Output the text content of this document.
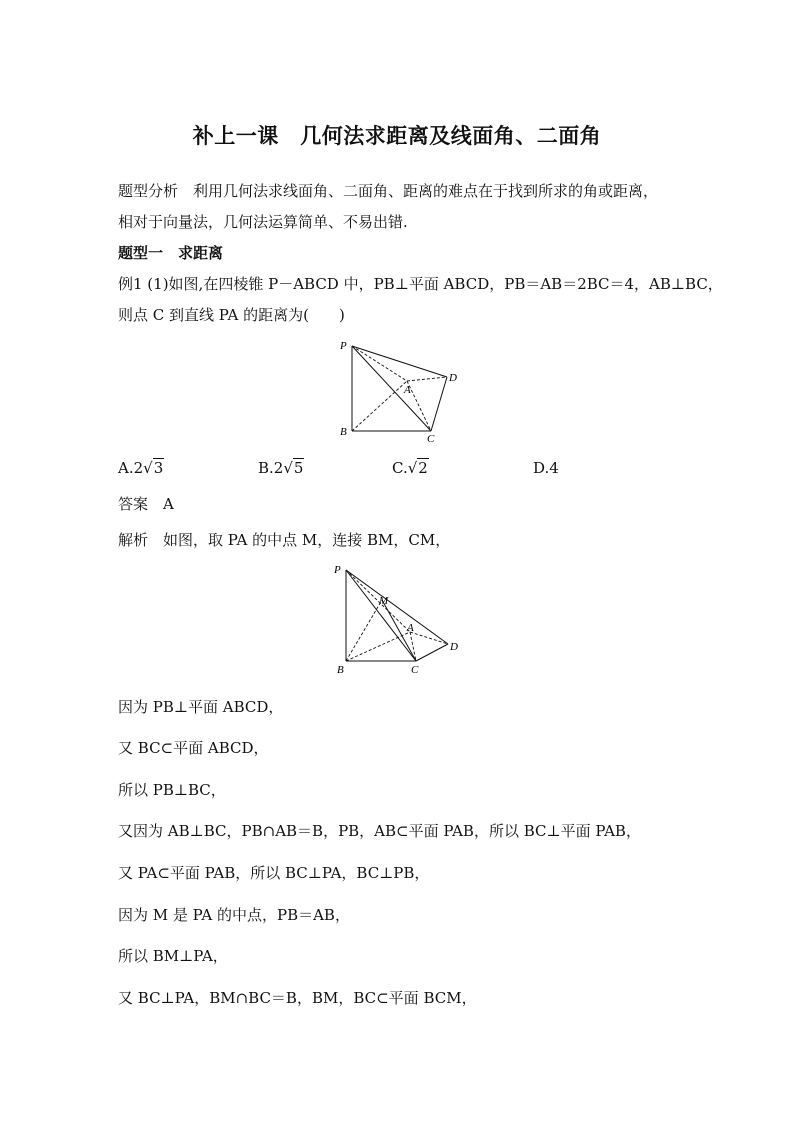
补上一课　几何法求距离及线面角、二面角
题型分析　 利用几何法求线面角、二面角、距离的难点在于找到所求的角或距离，
相对于向量法，几何法运算简单、不易出错.
题型一　求距离
例1 (1)如图,在四棱锥 P－ABCD 中，PB⊥平面 ABCD，PB＝AB＝2BC＝4，AB⊥BC，
则点 C 到直线 PA 的距离为(　　)
P
A
B
C
D
A.2√3	B.2√5	C.√2	D.4
答案　 A
解析　 如图，取 PA 的中点 M，连接 BM，CM，
P
M
A
B	C
D
因为 PB⊥平面 ABCD，
又 BC⊂平面 ABCD，
所以 PB⊥BC，
又因为 AB⊥BC，PB∩AB＝B，PB，AB⊂平面 PAB，所以 BC⊥平面 PAB，
又 PA⊂平面 PAB，所以 BC⊥PA，BC⊥PB，
因为 M 是 PA 的中点，PB＝AB，
所以 BM⊥PA，
又 BC⊥PA，BM∩BC＝B，BM，BC⊂平面 BCM，
